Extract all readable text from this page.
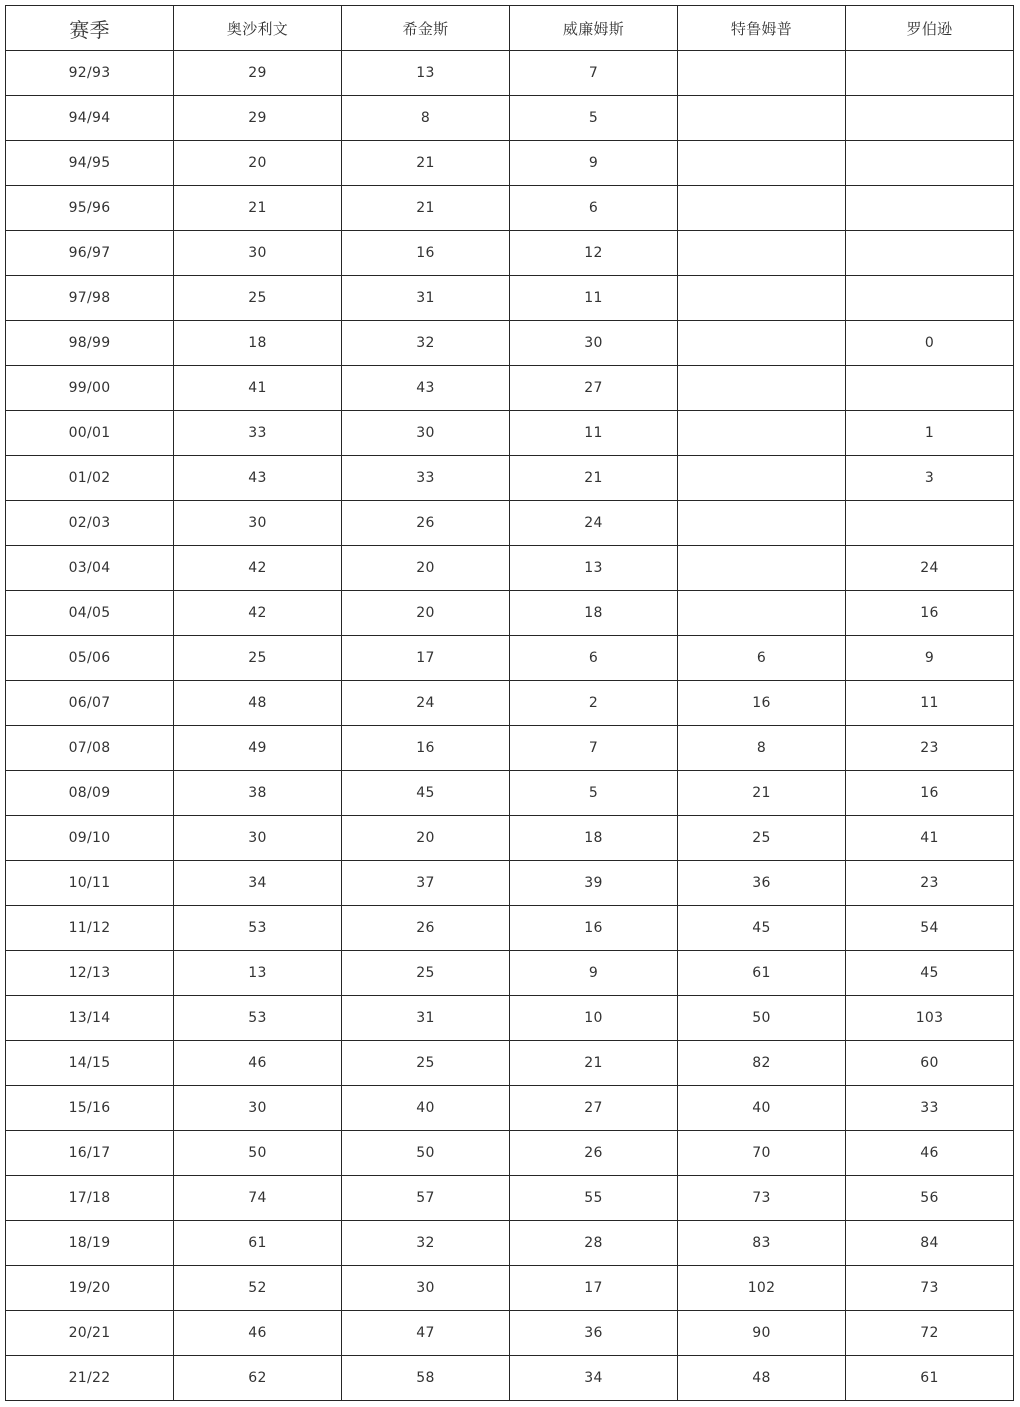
赛季	奥沙利文	希金斯	威廉姆斯	特鲁姆普	罗伯逊
92/93	29	13	7		
94/94	29	8	5		
94/95	20	21	9		
95/96	21	21	6		
96/97	30	16	12		
97/98	25	31	11		
98/99	18	32	30		0
99/00	41	43	27		
00/01	33	30	11		1
01/02	43	33	21		3
02/03	30	26	24		
03/04	42	20	13		24
04/05	42	20	18		16
05/06	25	17	6	6	9
06/07	48	24	2	16	11
07/08	49	16	7	8	23
08/09	38	45	5	21	16
09/10	30	20	18	25	41
10/11	34	37	39	36	23
11/12	53	26	16	45	54
12/13	13	25	9	61	45
13/14	53	31	10	50	103
14/15	46	25	21	82	60
15/16	30	40	27	40	33
16/17	50	50	26	70	46
17/18	74	57	55	73	56
18/19	61	32	28	83	84
19/20	52	30	17	102	73
20/21	46	47	36	90	72
21/22	62	58	34	48	61
